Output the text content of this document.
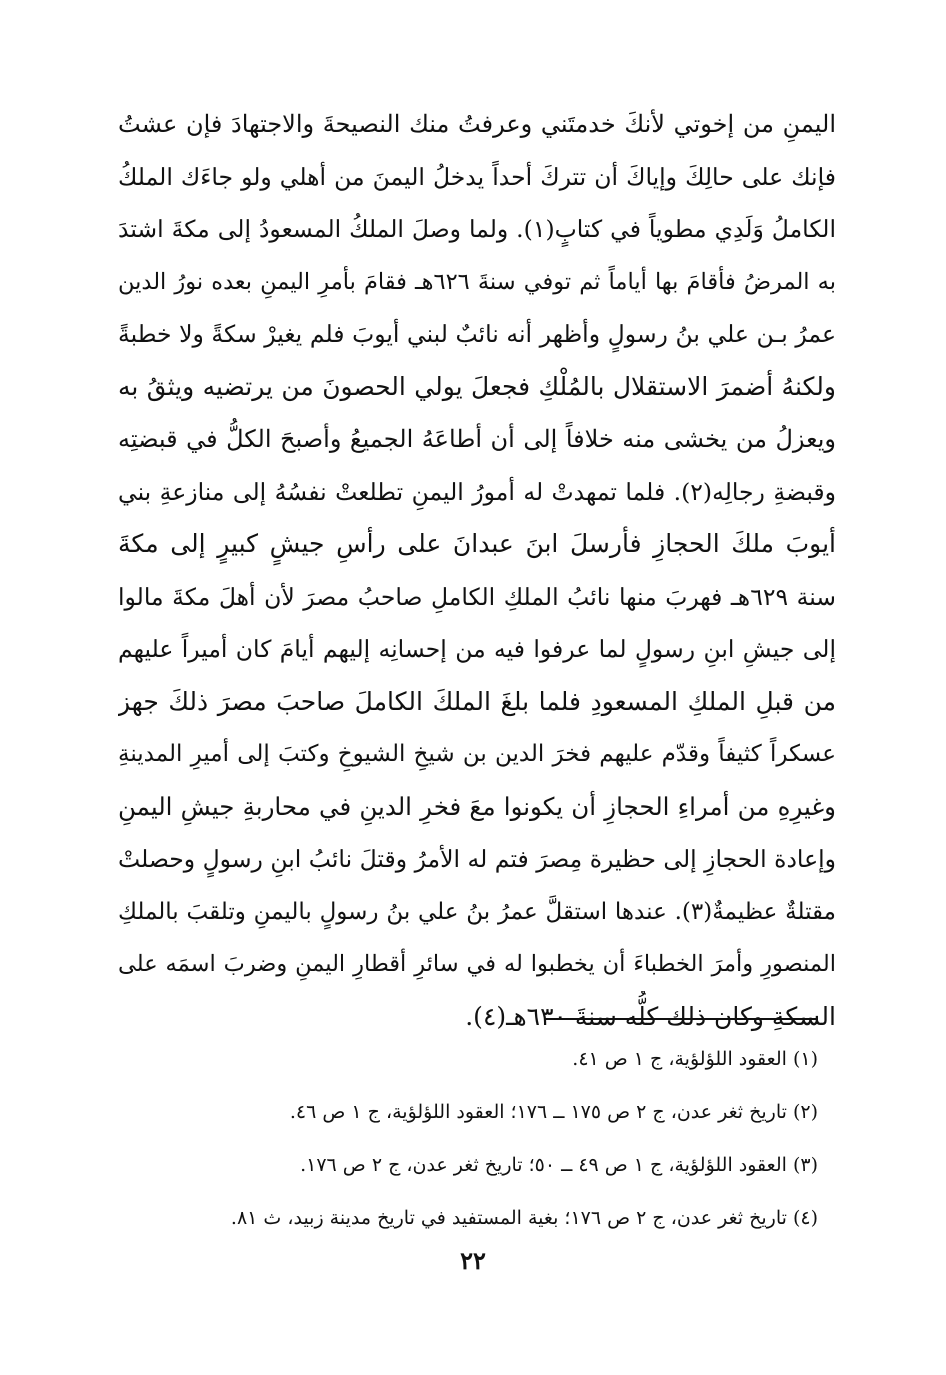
اليمنِ من إخوتي لأنكَ خدمتَني وعرفتُ منك النصيحةَ والاجتهادَ فإن عشتُ
فإنك على حالِكَ وإياكَ أن تتركَ أحداً يدخلُ اليمنَ من أهلي ولو جاءَك الملكُ
الكاملُ وَلَدِي مطوياً في كتابٍ(١). ولما وصلَ الملكُ المسعودُ إلى مكةَ اشتدَ
به المرضُ فأقامَ بها أياماً ثم توفي سنةَ ٦٢٦هـ فقامَ بأمرِ اليمنِ بعده نورُ الدين
عمرُ بـن علي بنُ رسولٍ وأظهر أنه نائبٌ لبني أيوبَ فلم يغيرْ سكةً ولا خطبةً
ولكنهُ أضمرَ الاستقلال بالمُلْكِ فجعلَ يولي الحصونَ من يرتضيه ويثقُ به
ويعزلُ من يخشى منه خلافاً إلى أن أطاعَهُ الجميعُ وأصبحَ الكلُّ في قبضتِه
وقبضةِ رجالِه(٢). فلما تمهدتْ له أمورُ اليمنِ تطلعتْ نفسُهُ إلى منازعةِ بني
أيوبَ ملكَ الحجازِ فأرسلَ ابنَ عبدانَ على رأسِ جيشٍ كبيرٍ إلى مكةَ
سنة ٦٢٩هـ فهربَ منها نائبُ الملكِ الكاملِ صاحبُ مصرَ لأن أهلَ مكةَ مالوا
إلى جيشِ ابنِ رسولٍ لما عرفوا فيه من إحسانِه إليهم أيامَ كان أميراً عليهم
من قبلِ الملكِ المسعودِ فلما بلغَ الملكَ الكاملَ صاحبَ مصرَ ذلكَ جهز
عسكراً كثيفاً وقدّم عليهم فخرَ الدين بن شيخِ الشيوخِ وكتبَ إلى أميرِ المدينةِ
وغيرِهِ من أمراءِ الحجازِ أن يكونوا معَ فخرِ الدينِ في محاربةِ جيشِ اليمنِ
وإعادة الحجازِ إلى حظيرة مِصرَ فتم له الأمرُ وقتلَ نائبُ ابنِ رسولٍ وحصلتْ
مقتلةٌ عظيمةٌ(٣). عندها استقلَّ عمرُ بنُ علي بنُ رسولٍ باليمنِ وتلقبَ بالملكِ
المنصورِ وأمرَ الخطباءَ أن يخطبوا له في سائرِ أقطارِ اليمنِ وضربَ اسمَه على
السكةِ وكان ذلك كلُّه سنةَ ٦٣٠هـ(٤).
(١) العقود اللؤلؤية، ج ١ ص ٤١.
(٢) تاريخ ثغر عدن، ج ٢ ص ١٧٥ ــ ١٧٦؛ العقود اللؤلؤية، ج ١ ص ٤٦.
(٣) العقود اللؤلؤية، ج ١ ص ٤٩ ــ ٥٠؛ تاريخ ثغر عدن، ج ٢ ص ١٧٦.
(٤) تاريخ ثغر عدن، ج ٢ ص ١٧٦؛ بغية المستفيد في تاريخ مدينة زبيد، ث ٨١.
٢٢
